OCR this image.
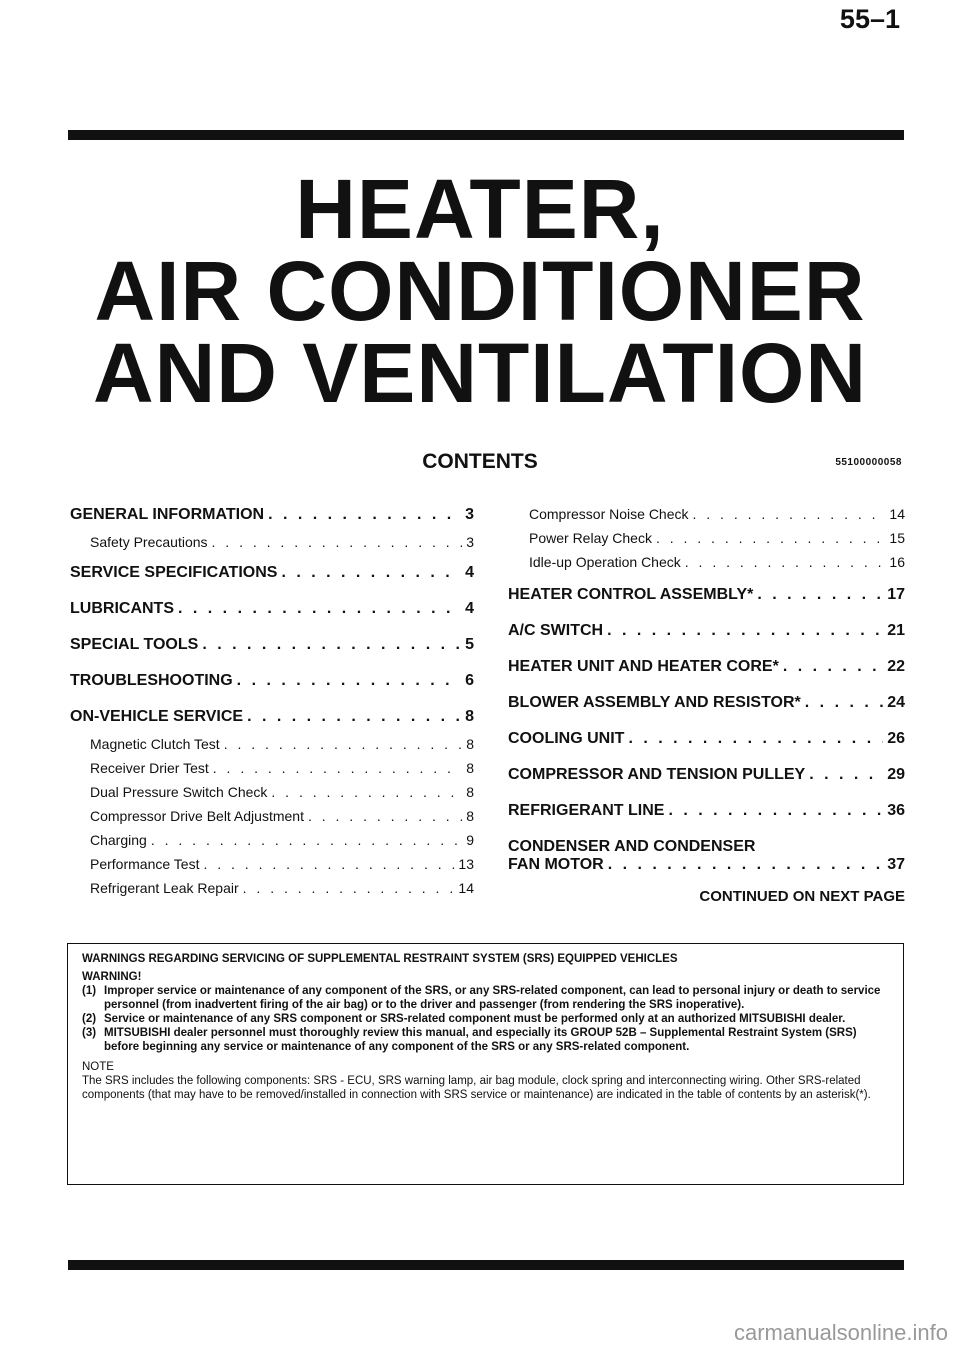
55–1
HEATER,
AIR CONDITIONER
AND VENTILATION
CONTENTS	55100000058
GENERAL INFORMATION . . .	3
Safety Precautions . . .	3
SERVICE SPECIFICATIONS . . .	4
LUBRICANTS . . .	4
SPECIAL TOOLS . . .	5
TROUBLESHOOTING . . .	6
ON-VEHICLE SERVICE . . .	8
Magnetic Clutch Test . . .	8
Receiver Drier Test . . .	8
Dual Pressure Switch Check . . .	8
Compressor Drive Belt Adjustment . . .	8
Charging . . .	9
Performance Test . . .	13
Refrigerant Leak Repair . . .	14
Compressor Noise Check . . .	14
Power Relay Check . . .	15
Idle-up Operation Check . . .	16
HEATER CONTROL ASSEMBLY* . . .	17
A/C SWITCH . . .	21
HEATER UNIT AND HEATER CORE* . . .	22
BLOWER ASSEMBLY AND RESISTOR* . . .	24
COOLING UNIT . . .	26
COMPRESSOR AND TENSION PULLEY . . .	29
REFRIGERANT LINE . . .	36
CONDENSER AND CONDENSER
FAN MOTOR . . .	37
CONTINUED ON NEXT PAGE
WARNINGS REGARDING SERVICING OF SUPPLEMENTAL RESTRAINT SYSTEM (SRS) EQUIPPED VEHICLES
WARNING!
(1) Improper service or maintenance of any component of the SRS, or any SRS-related component, can lead to personal injury or death to service personnel (from inadvertent firing of the air bag) or to the driver and passenger (from rendering the SRS inoperative).
(2) Service or maintenance of any SRS component or SRS-related component must be performed only at an authorized MITSUBISHI dealer.
(3) MITSUBISHI dealer personnel must thoroughly review this manual, and especially its GROUP 52B – Supplemental Restraint System (SRS) before beginning any service or maintenance of any component of the SRS or any SRS-related component.
NOTE
The SRS includes the following components: SRS - ECU, SRS warning lamp, air bag module, clock spring and interconnecting wiring. Other SRS-related components (that may have to be removed/installed in connection with SRS service or maintenance) are indicated in the table of contents by an asterisk(*).
carmanualsonline.info
